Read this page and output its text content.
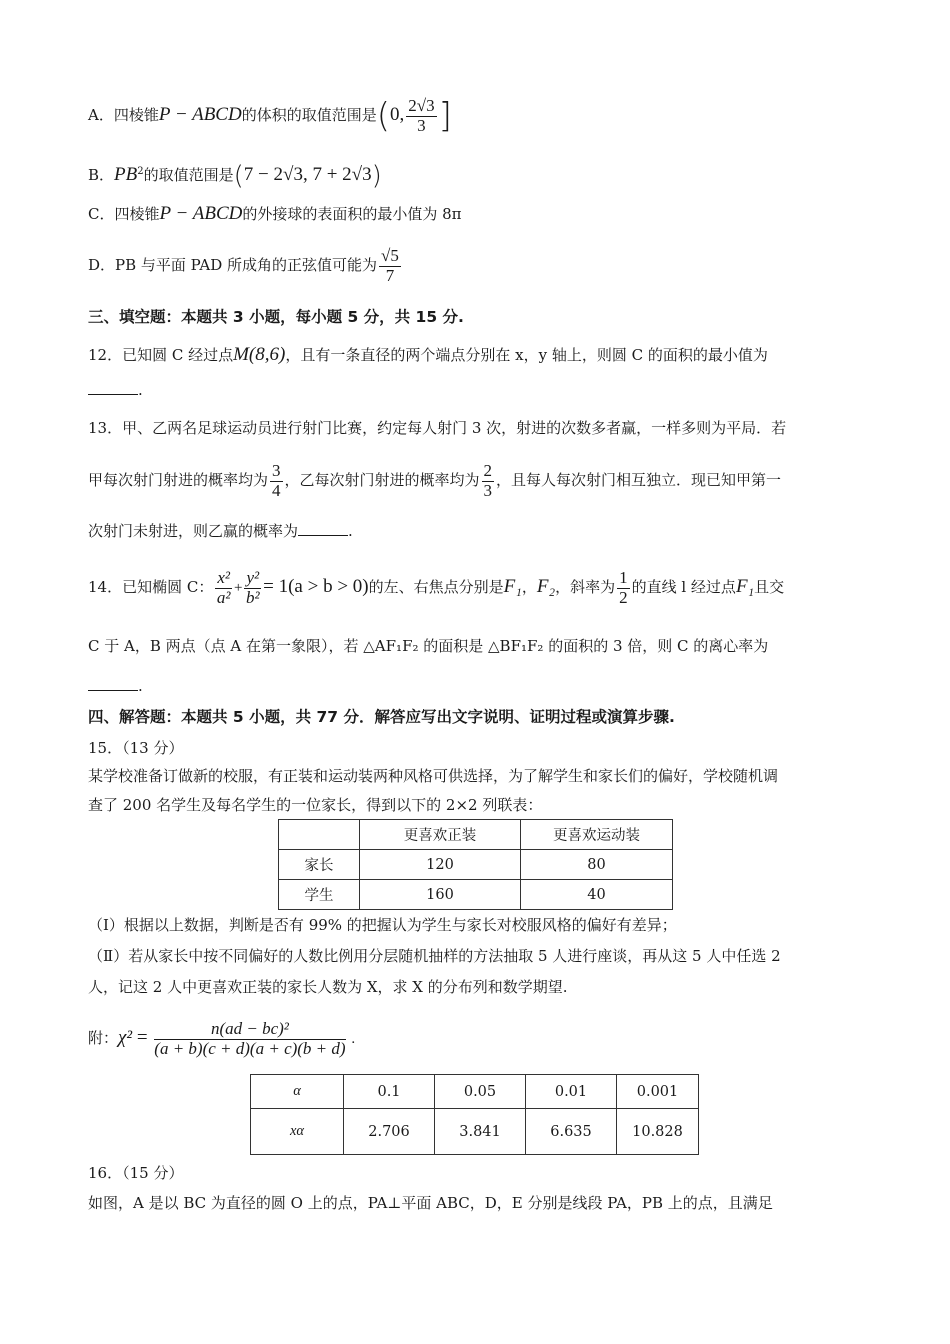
A．四棱锥P − ABCD的体积的取值范围是(0, $\frac{2√3}{3}$ ]
B．$PB^2$的取值范围是(7 − 2√3, 7 + 2√3)
C．四棱锥P − ABCD的外接球的表面积的最小值为 8π
D．PB 与平面 PAD 所成角的正弦值可能为 $\frac{√5}{7}$
三、填空题：本题共 3 小题，每小题 5 分，共 15 分.
12．已知圆 C 经过点M(8,6)，且有一条直径的两个端点分别在 x，y 轴上，则圆 C 的面积的最小值为
.
13．甲、乙两名足球运动员进行射门比赛，约定每人射门 3 次，射进的次数多者赢，一样多则为平局．若
甲每次射门射进的概率均为 $\frac{3}{4}$ ，乙每次射门射进的概率均为 $\frac{2}{3}$ ，且每人每次射门相互独立．现已知甲第一
次射门未射进，则乙赢的概率为	.
14．已知椭圆 C： $\frac{\text{x²}}{\text{a²}} + \frac{\text{y²}}{\text{b²}} = 1(a > b > 0)$的左、右焦点分别是F₁，F₂，斜率为 $\frac{1}{2}$ 的直线 l 经过点F₁且交
C 于 A，B 两点（点 A 在第一象限），若 △AF₁F₂ 的面积是 △BF₁F₂ 的面积的 3 倍，则 C 的离心率为
.
四、解答题：本题共 5 小题，共 77 分．解答应写出文字说明、证明过程或演算步骤.
15．（13 分）
某学校准备订做新的校服，有正装和运动装两种风格可供选择，为了解学生和家长们的偏好，学校随机调
查了 200 名学生及每名学生的一位家长，得到以下的 2×2 列联表：
	更喜欢正装	更喜欢运动装
家长	120	80
学生	160	40
（Ⅰ）根据以上数据，判断是否有 99% 的把握认为学生与家长对校服风格的偏好有差异；
（Ⅱ）若从家长中按不同偏好的人数比例用分层随机抽样的方法抽取 5 人进行座谈，再从这 5 人中任选 2
人，记这 2 人中更喜欢正装的家长人数为 X，求 X 的分布列和数学期望.
附：$\chi^2 = \frac{\text{n(ad − bc)²}}{(a + b)(c + d)(a + c)(b + d)}$ .
α	0.1	0.05	0.01	0.001
xα	2.706	3.841	6.635	10.828
16．（15 分）
如图，A 是以 BC 为直径的圆 O 上的点，PA⊥平面 ABC，D，E 分别是线段 PA，PB 上的点，且满足
